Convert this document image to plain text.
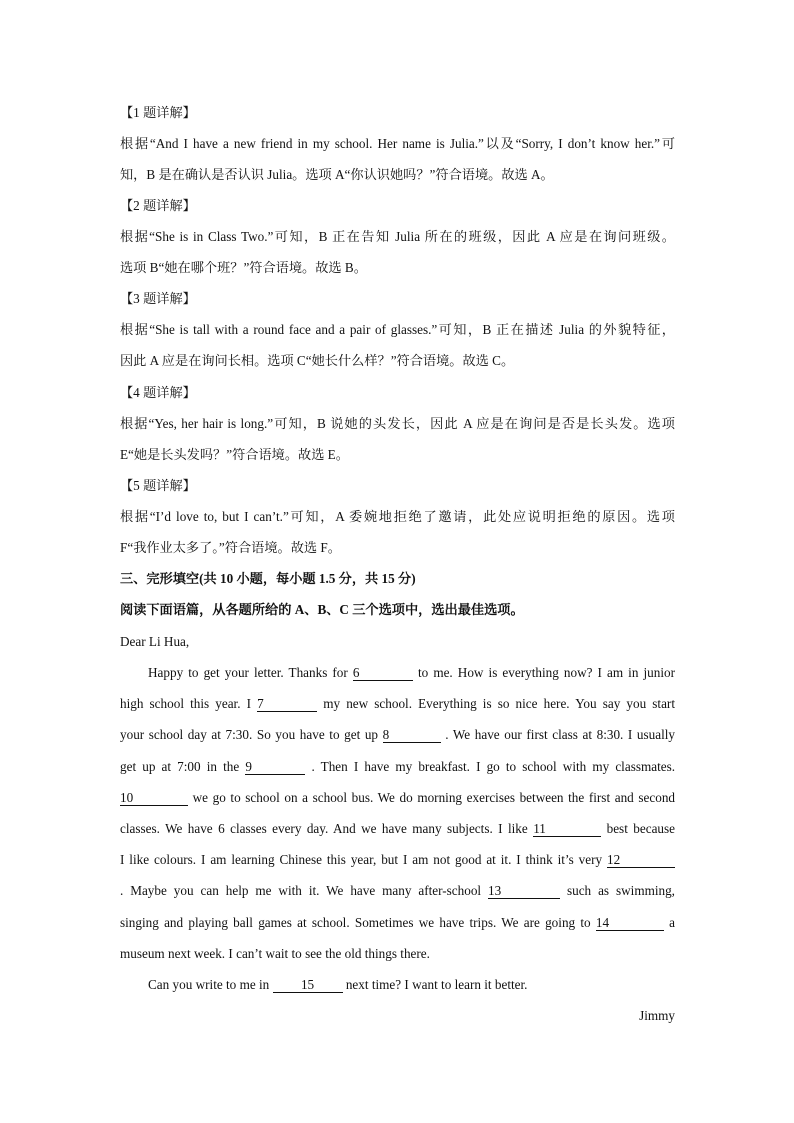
【1 题详解】
根据“And I have a new friend in my school. Her name is Julia.”以及“Sorry, I don’t know her.”可
知，B 是在确认是否认识 Julia。选项 A“你认识她吗？”符合语境。故选 A。
【2 题详解】
根据“She is in Class Two.”可知，B 正在告知 Julia 所在的班级，因此 A 应是在询问班级。
选项 B“她在哪个班？”符合语境。故选 B。
【3 题详解】
根据“She is tall with a round face and a pair of glasses.”可知，B 正在描述 Julia 的外貌特征，
因此 A 应是在询问长相。选项 C“她长什么样？”符合语境。故选 C。
【4 题详解】
根据“Yes, her hair is long.”可知，B 说她的头发长，因此 A 应是在询问是否是长头发。选项
E“她是长头发吗？”符合语境。故选 E。
【5 题详解】
根据“I’d love to, but I can’t.”可知，A 委婉地拒绝了邀请，此处应说明拒绝的原因。选项
F“我作业太多了。”符合语境。故选 F。
三、完形填空(共 10 小题，每小题 1.5 分，共 15 分)
阅读下面语篇，从各题所给的 A、B、C 三个选项中，选出最佳选项。
Dear Li Hua,
Happy to get your letter. Thanks for 6	to me. How is everything now? I am in junior
high school this year. I 7	my new school. Everything is so nice here. You say you start
your school day at 7:30. So you have to get up 8	. We have our first class at 8:30. I usually
get up at 7:00 in the 9	. Then I have my breakfast. I go to school with my classmates.
10	we go to school on a school bus. We do morning exercises between the first and second
classes. We have 6 classes every day. And we have many subjects. I like 11	best because
I like colours. I am learning Chinese this year, but I am not good at it. I think it’s very 12
. Maybe you can help me with it. We have many after-school 13	such as swimming,
singing and playing ball games at school. Sometimes we have trips. We are going to 14	a
museum next week. I can’t wait to see the old things there.
Can you write to me in 15 next time? I want to learn it better.
Jimmy
